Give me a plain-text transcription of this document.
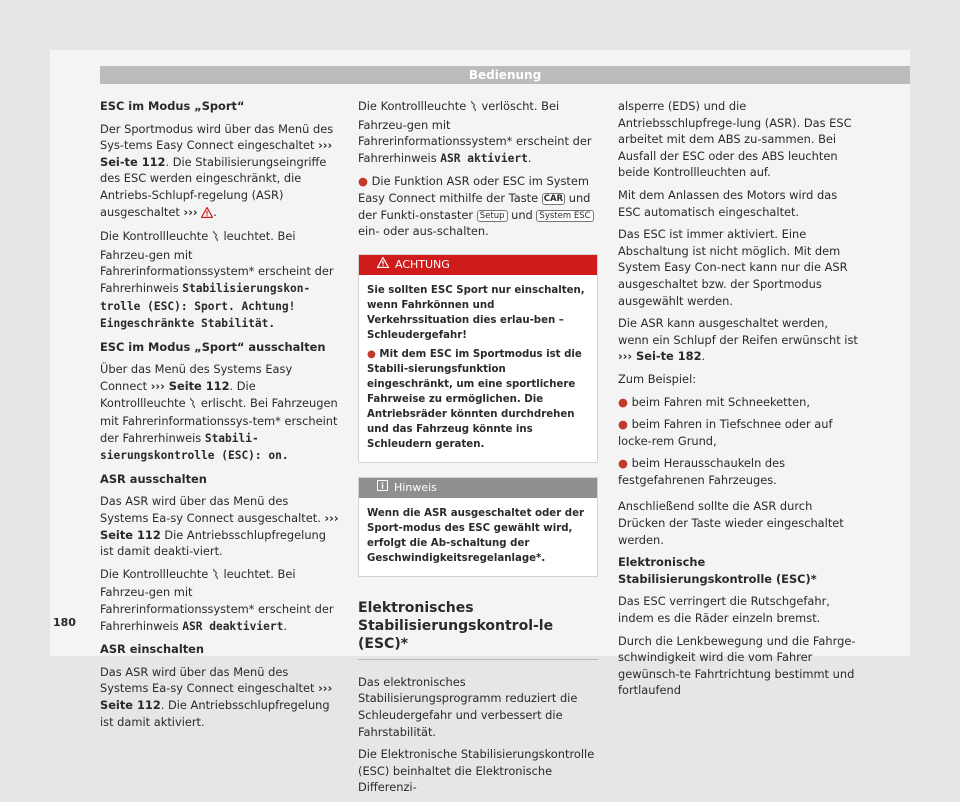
Bedienung

ESC im Modus „Sport“

Der Sportmodus wird über das Menü des Sys-tems Easy Connect eingeschaltet ››› Sei-te 112. Die Stabilisierungseingriffe des ESC werden eingeschränkt, die Antriebs-Schlupf-regelung (ASR) ausgeschaltet ››› .

Die Kontrollleuchte  leuchtet. Bei Fahrzeu-gen mit Fahrerinformationssystem* erscheint der Fahrerhinweis Stabilisierungskon-trolle (ESC): Sport. Achtung! Eingeschränkte Stabilität.

ESC im Modus „Sport“ ausschalten

Über das Menü des Systems Easy Connect ››› Seite 112. Die Kontrollleuchte  erlischt. Bei Fahrzeugen mit Fahrerinformationssys-tem* erscheint der Fahrerhinweis Stabili-sierungskontrolle (ESC): on.

ASR ausschalten

Das ASR wird über das Menü des Systems Ea-sy Connect ausgeschaltet. ››› Seite 112 Die Antriebsschlupfregelung ist damit deakti-viert.

Die Kontrollleuchte  leuchtet. Bei Fahrzeu-gen mit Fahrerinformationssystem* erscheint der Fahrerhinweis ASR deaktiviert.

ASR einschalten

Das ASR wird über das Menü des Systems Ea-sy Connect eingeschaltet ››› Seite 112. Die Antriebsschlupfregelung ist damit aktiviert.

Die Kontrollleuchte  verlöscht. Bei Fahrzeu-gen mit Fahrerinformationssystem* erscheint der Fahrerhinweis ASR aktiviert.

● Die Funktion ASR oder ESC im System Easy Connect mithilfe der Taste CAR und der Funkti-onstaster Setup und System ESC ein- oder aus-schalten.

ACHTUNG

Sie sollten ESC Sport nur einschalten, wenn Fahrkönnen und Verkehrssituation dies erlau-ben – Schleudergefahr!

● Mit dem ESC im Sportmodus ist die Stabili-sierungsfunktion eingeschränkt, um eine sportlichere Fahrweise zu ermöglichen. Die Antriebsräder könnten durchdrehen und das Fahrzeug könnte ins Schleudern geraten.

Hinweis

Wenn die ASR ausgeschaltet oder der Sport-modus des ESC gewählt wird, erfolgt die Ab-schaltung der Geschwindigkeitsregelanlage*.

Elektronisches Stabilisierungskontrol-le (ESC)*

Das elektronisches Stabilisierungsprogramm reduziert die Schleudergefahr und verbessert die Fahrstabilität.

Die Elektronische Stabilisierungskontrolle (ESC) beinhaltet die Elektronische Differenzi-

alsperre (EDS) und die Antriebsschlupfrege-lung (ASR). Das ESC arbeitet mit dem ABS zu-sammen. Bei Ausfall der ESC oder des ABS leuchten beide Kontrollleuchten auf.

Mit dem Anlassen des Motors wird das ESC automatisch eingeschaltet.

Das ESC ist immer aktiviert. Eine Abschaltung ist nicht möglich. Mit dem System Easy Con-nect kann nur die ASR ausgeschaltet bzw. der Sportmodus ausgewählt werden.

Die ASR kann ausgeschaltet werden, wenn ein Schlupf der Reifen erwünscht ist ››› Sei-te 182.

Zum Beispiel:

● beim Fahren mit Schneeketten,

● beim Fahren in Tiefschnee oder auf locke-rem Grund,

● beim Herausschaukeln des festgefahrenen Fahrzeuges.

Anschließend sollte die ASR durch Drücken der Taste wieder eingeschaltet werden.

Elektronische Stabilisierungskontrolle (ESC)*

Das ESC verringert die Rutschgefahr, indem es die Räder einzeln bremst.

Durch die Lenkbewegung und die Fahrge-schwindigkeit wird die vom Fahrer gewünsch-te Fahrtrichtung bestimmt und fortlaufend

180
